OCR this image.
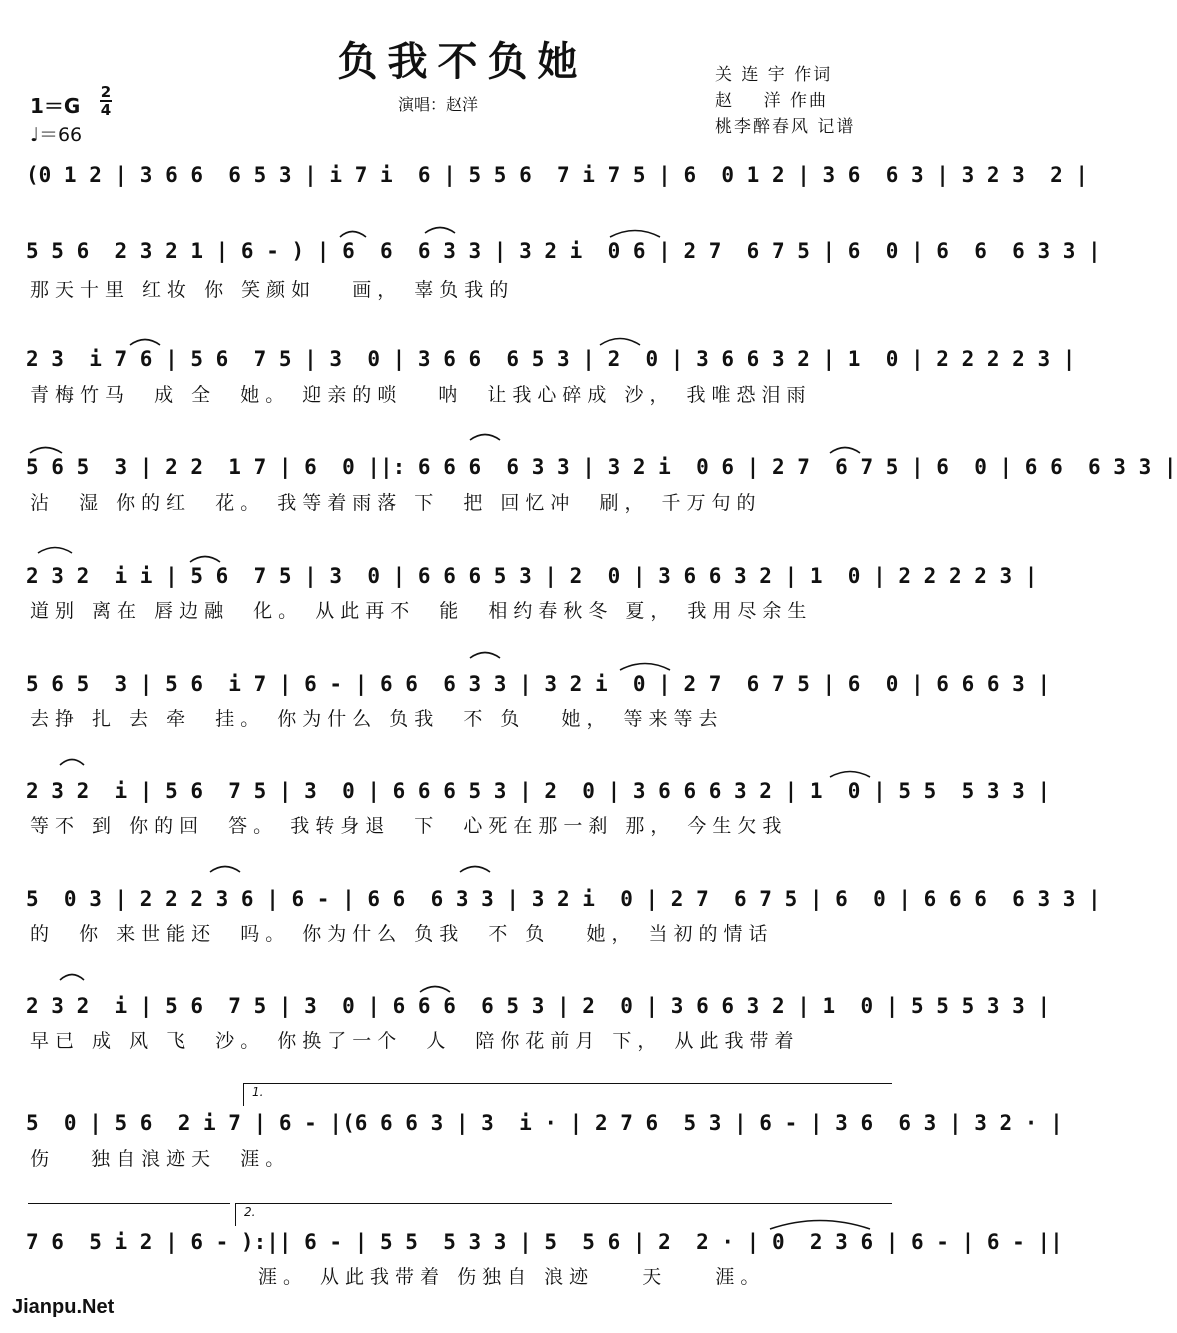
负我不负她	关 连 宇 作词
赵    洋 作曲
桃李醉春风 记谱
演唱：赵洋
1＝G
2
4
♩＝66
(0 1 2 | 3 6 6  6 5 3 | i 7 i  6 | 5 5 6  7 i 7 5 | 6  0 1 2 | 3 6  6 3 | 3 2 3  2 |
5 5 6  2 3 2 1 | 6 - ) | 6  6  6 3 3 | 3 2 i  0 6 | 2 7  6 7 5 | 6  0 | 6  6  6 3 3 |
那天十里 红妆 你 笑颜如   画， 辜负我的
2 3  i 7 6 | 5 6  7 5 | 3  0 | 3 6 6  6 5 3 | 2  0 | 3 6 6 3 2 | 1  0 | 2 2 2 2 3 |
青梅竹马  成 全  她。 迎亲的唢   呐  让我心碎成 沙， 我唯恐泪雨
5 6 5  3 | 2 2  1 7 | 6  0 ||: 6 6 6  6 3 3 | 3 2 i  0 6 | 2 7  6 7 5 | 6  0 | 6 6  6 3 3 |
沾  湿 你的红  花。 我等着雨落 下  把 回忆冲  刷， 千万句的
2 3 2  i i | 5 6  7 5 | 3  0 | 6 6 6 5 3 | 2  0 | 3 6 6 3 2 | 1  0 | 2 2 2 2 3 |
道别 离在 唇边融  化。 从此再不  能  相约春秋冬 夏， 我用尽余生
5 6 5  3 | 5 6  i 7 | 6 - | 6 6  6 3 3 | 3 2 i  0 | 2 7  6 7 5 | 6  0 | 6 6 6 3 |
去挣 扎 去 牵  挂。 你为什么 负我  不 负   她， 等来等去
2 3 2  i | 5 6  7 5 | 3  0 | 6 6 6 5 3 | 2  0 | 3 6 6 6 3 2 | 1  0 | 5 5  5 3 3 |
等不 到 你的回  答。 我转身退  下  心死在那一刹 那， 今生欠我
5  0 3 | 2 2 2 3 6 | 6 - | 6 6  6 3 3 | 3 2 i  0 | 2 7  6 7 5 | 6  0 | 6 6 6  6 3 3 |
的  你 来世能还  吗。 你为什么 负我  不 负   她， 当初的情话
2 3 2  i | 5 6  7 5 | 3  0 | 6 6 6  6 5 3 | 2  0 | 3 6 6 3 2 | 1  0 | 5 5 5 3 3 |
早已 成 风 飞  沙。 你换了一个  人  陪你花前月 下， 从此我带着
1.
5  0 | 5 6  2 i 7 | 6 - |(6 6 6 3 | 3  i · | 2 7 6  5 3 | 6 - | 3 6  6 3 | 3 2 · |
伤   独自浪迹天  涯。
2.
7 6  5 i 2 | 6 - ):|| 6 - | 5 5  5 3 3 | 5  5 6 | 2  2 · | 0  2 3 6 | 6 - | 6 - ||
涯。 从此我带着 伤独自 浪迹    天    涯。
Jianpu.Net
